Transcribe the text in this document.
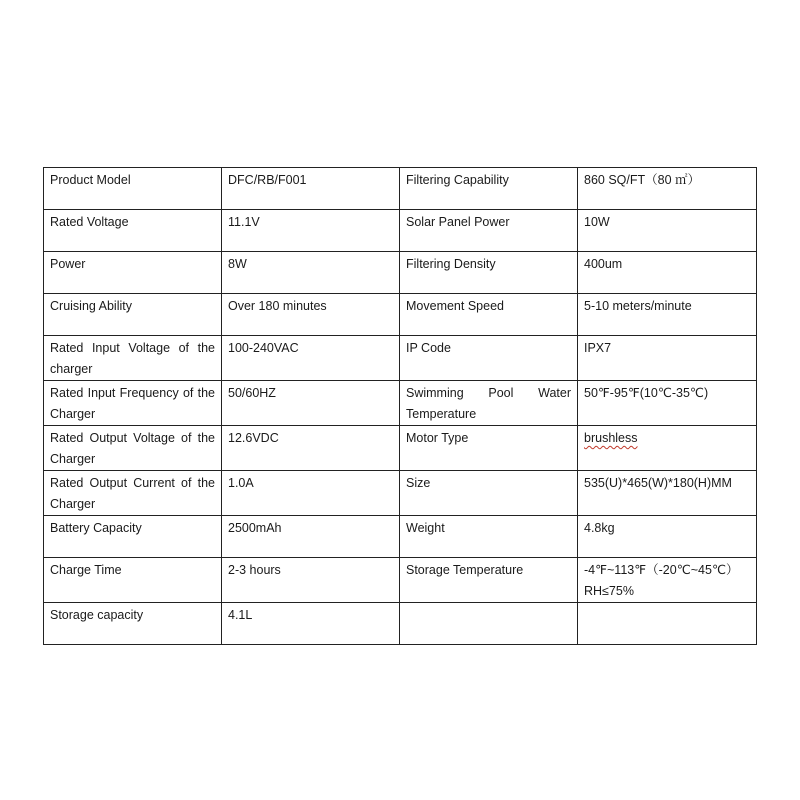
Product Model	DFC/RB/F001	Filtering Capability	860 SQ/FT（80 ㎡）
Rated Voltage	11.1V	Solar Panel Power	10W
Power	8W	Filtering Density	400um
Cruising Ability	Over 180 minutes	Movement Speed	5-10 meters/minute
Rated Input Voltage of the charger	100-240VAC	IP Code	IPX7
Rated Input Frequency of the Charger	50/60HZ	Swimming Pool Water Temperature	50℉-95℉(10℃-35℃)
Rated Output Voltage of the Charger	12.6VDC	Motor Type	brushless
Rated Output Current of the Charger	1.0A	Size	535(U)*465(W)*180(H)MM
Battery Capacity	2500mAh	Weight	4.8kg
Charge Time	2-3 hours	Storage Temperature	-4℉~113℉（-20℃~45℃）RH≤75%
Storage capacity	4.1L		
